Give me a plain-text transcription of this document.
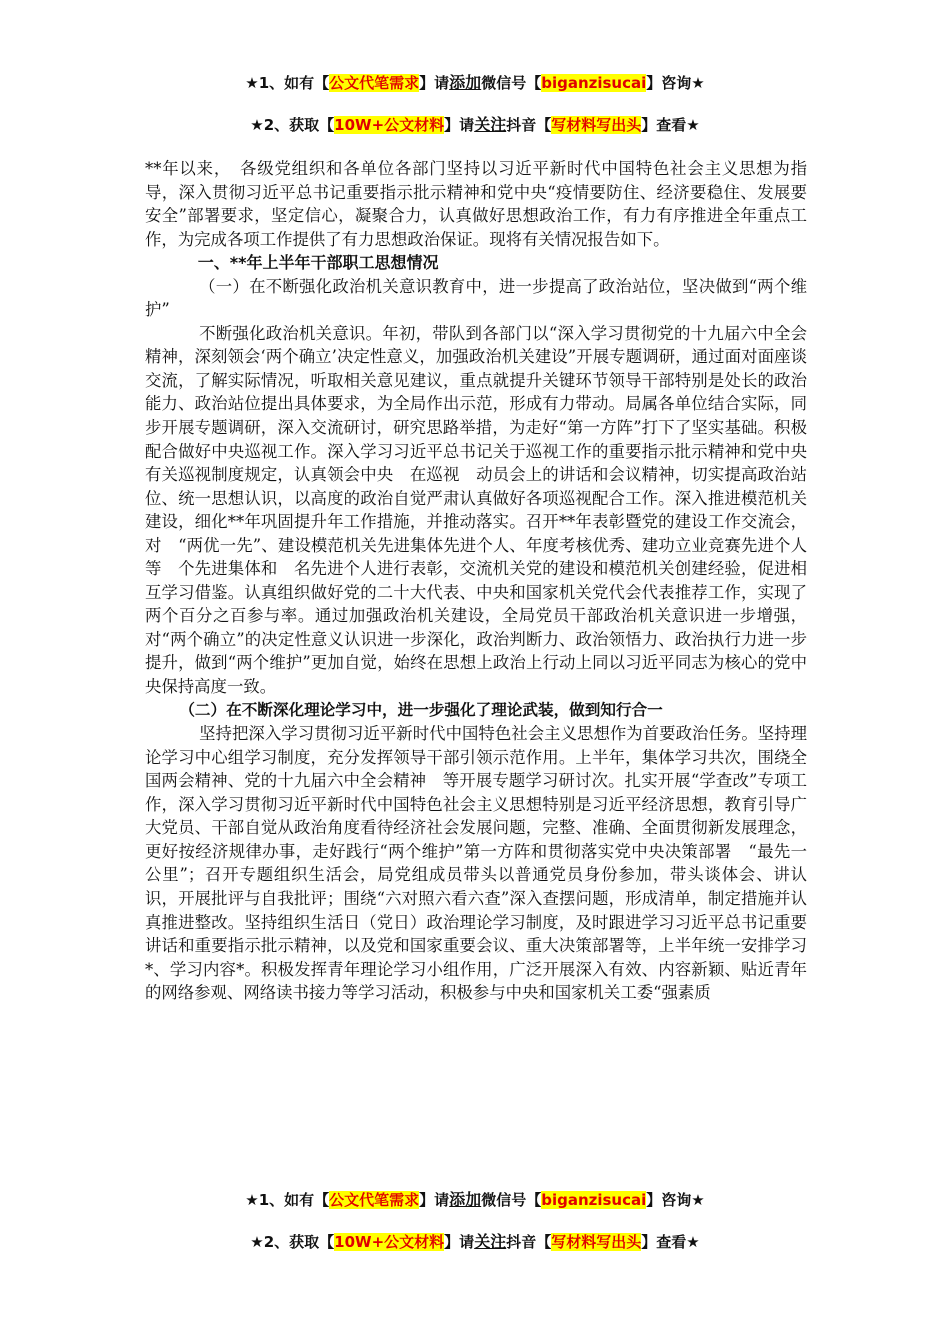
★1、如有【公文代笔需求】请添加微信号【biganzisucai】咨询★
★2、获取【10W+公文材料】请关注抖音【写材料写出头】查看★

**年以来，　各级党组织和各单位各部门坚持以习近平新时代中国特色社会主义思想为指导，深入贯彻习近平总书记重要指示批示精神和党中央“疫情要防住、经济要稳住、发展要安全”部署要求，坚定信心，凝聚合力，认真做好思想政治工作，有力有序推进全年重点工作，为完成各项工作提供了有力思想政治保证。现将有关情况报告如下。

一、**年上半年干部职工思想情况

（一）在不断强化政治机关意识教育中，进一步提高了政治站位，坚决做到“两个维护”

不断强化政治机关意识。年初，带队到各部门以“深入学习贯彻党的十九届六中全会精神，深刻领会‘两个确立’决定性意义，加强政治机关建设”开展专题调研，通过面对面座谈交流，了解实际情况，听取相关意见建议，重点就提升关键环节领导干部特别是处长的政治能力、政治站位提出具体要求，为全局作出示范，形成有力带动。局属各单位结合实际，同步开展专题调研，深入交流研讨，研究思路举措，为走好“第一方阵”打下了坚实基础。积极配合做好中央巡视工作。深入学习习近平总书记关于巡视工作的重要指示批示精神和党中央有关巡视制度规定，认真领会中央　在巡视　动员会上的讲话和会议精神，切实提高政治站位、统一思想认识，以高度的政治自觉严肃认真做好各项巡视配合工作。深入推进模范机关建设，细化**年巩固提升年工作措施，并推动落实。召开**年表彰暨党的建设工作交流会，对　“两优一先”、建设模范机关先进集体先进个人、年度考核优秀、建功立业竞赛先进个人等　个先进集体和　名先进个人进行表彰，交流机关党的建设和模范机关创建经验，促进相互学习借鉴。认真组织做好党的二十大代表、中央和国家机关党代会代表推荐工作，实现了两个百分之百参与率。通过加强政治机关建设，全局党员干部政治机关意识进一步增强，对“两个确立”的决定性意义认识进一步深化，政治判断力、政治领悟力、政治执行力进一步提升，做到“两个维护”更加自觉，始终在思想上政治上行动上同以习近平同志为核心的党中央保持高度一致。

（二）在不断深化理论学习中，进一步强化了理论武装，做到知行合一

坚持把深入学习贯彻习近平新时代中国特色社会主义思想作为首要政治任务。坚持理论学习中心组学习制度，充分发挥领导干部引领示范作用。上半年，集体学习共次，围绕全国两会精神、党的十九届六中全会精神　等开展专题学习研讨次。扎实开展“学查改”专项工作，深入学习贯彻习近平新时代中国特色社会主义思想特别是习近平经济思想，教育引导广大党员、干部自觉从政治角度看待经济社会发展问题，完整、准确、全面贯彻新发展理念，更好按经济规律办事，走好践行“两个维护”第一方阵和贯彻落实党中央决策部署　“最先一公里”；召开专题组织生活会，局党组成员带头以普通党员身份参加，带头谈体会、讲认识，开展批评与自我批评；围绕“六对照六看六查”深入查摆问题，形成清单，制定措施并认真推进整改。坚持组织生活日（党日）政治理论学习制度，及时跟进学习习近平总书记重要讲话和重要指示批示精神，以及党和国家重要会议、重大决策部署等，上半年统一安排学习*、学习内容*。积极发挥青年理论学习小组作用，广泛开展深入有效、内容新颖、贴近青年的网络参观、网络读书接力等学习活动，积极参与中央和国家机关工委“强素质

★1、如有【公文代笔需求】请添加微信号【biganzisucai】咨询★
★2、获取【10W+公文材料】请关注抖音【写材料写出头】查看★
